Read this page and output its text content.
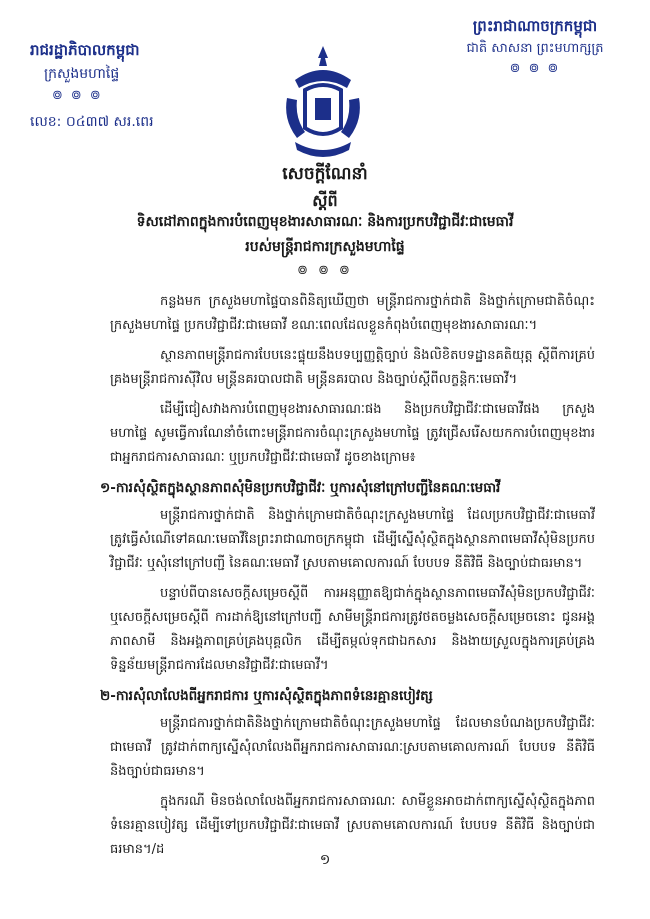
រាជរដ្ឋាភិបាលកម្ពុជា
ក្រសួងមហាផ្ទៃ
៙ ៙ ៙
លេខ: ០៤៣៧ សរ.ពេរ
ព្រះរាជាណាចក្រកម្ពុជា
ជាតិ សាសនា ព្រះមហាក្សត្រ
៙ ៙ ៙
សេចក្ដីណែនាំ
ស្ដីពី
ទិសដៅភាពក្នុងការបំពេញមុខងារសាធារណៈ និងការប្រកបវិជ្ជាជីវៈជាមេធាវី
របស់មន្ត្រីរាជការក្រសួងមហាផ្ទៃ
៙ ៙ ៙

កន្លងមក ក្រសួងមហាផ្ទៃបានពិនិត្យឃើញថា មន្ត្រីរាជការថ្នាក់ជាតិ និងថ្នាក់ក្រោមជាតិចំណុះក្រសួងមហាផ្ទៃ ប្រកបវិជ្ជាជីវៈជាមេធាវី ខណៈពេលដែលខ្លួនកំពុងបំពេញមុខងារសាធារណៈ។

ស្ថានភាពមន្ត្រីរាជការបែបនេះផ្ទុយនឹងបទប្បញ្ញត្តិច្បាប់ និងលិខិតបទដ្ឋានគតិយុត្ត ស្ដីពីការគ្រប់គ្រងមន្ត្រីរាជការស៊ីវិល មន្ត្រីនគរបាលជាតិ មន្ត្រីនគរបាល និងច្បាប់ស្ដីពីលក្ខន្តិកៈមេធាវី។

ដើម្បីជៀសវាងការបំពេញមុខងារសាធារណៈផង និងប្រកបវិជ្ជាជីវៈជាមេធាវីផង ក្រសួងមហាផ្ទៃ សូមធ្វើការណែនាំចំពោះមន្ត្រីរាជការចំណុះក្រសួងមហាផ្ទៃ ត្រូវជ្រើសរើសយកការបំពេញមុខងារជាអ្នករាជការសាធារណៈ ឬប្រកបវិជ្ជាជីវៈជាមេធាវី ដូចខាងក្រោម៖

១-ការសុំស្ថិតក្នុងស្ថានភាពសុំមិនប្រកបវិជ្ជាជីវៈ ឬការសុំនៅក្រៅបញ្ជីនៃគណៈមេធាវី

មន្ត្រីរាជការថ្នាក់ជាតិ និងថ្នាក់ក្រោមជាតិចំណុះក្រសួងមហាផ្ទៃ ដែលប្រកបវិជ្ជាជីវៈជាមេធាវី ត្រូវធ្វើសំណើទៅគណៈមេធាវីនៃព្រះរាជាណាចក្រកម្ពុជា ដើម្បីស្នើសុំស្ថិតក្នុងស្ថានភាពមេធាវីសុំមិនប្រកបវិជ្ជាជីវៈ ឬសុំនៅក្រៅបញ្ជី នៃគណៈមេធាវី ស្របតាមគោលការណ៍ បែបបទ នីតិវិធី និងច្បាប់ជាធរមាន។

បន្ទាប់ពីបានសេចក្ដីសម្រេចស្ដីពី ការអនុញ្ញាតឱ្យជាក់ក្នុងស្ថានភាពមេធាវីសុំមិនប្រកបវិជ្ជាជីវៈ ឬសេចក្ដីសម្រេចស្ដីពី ការដាក់ឱ្យនៅក្រៅបញ្ជី សាមីមន្ត្រីរាជការត្រូវថតចម្លងសេចក្ដីសម្រេចនោះ ជូនអង្គភាពសាមី និងអង្គភាពគ្រប់គ្រងបុគ្គលិក ដើម្បីតម្កល់ទុកជាឯកសារ និងងាយស្រួលក្នុងការគ្រប់គ្រងទិន្នន័យមន្ត្រីរាជការដែលមានវិជ្ជាជីវៈជាមេធាវី។

២-ការសុំលាលែងពីអ្នករាជការ ឬការសុំស្ថិតក្នុងភាពទំនេរគ្មានបៀវត្ស

មន្ត្រីរាជការថ្នាក់ជាតិនិងថ្នាក់ក្រោមជាតិចំណុះក្រសួងមហាផ្ទៃ ដែលមានបំណងប្រកបវិជ្ជាជីវៈជាមេធាវី ត្រូវដាក់ពាក្យស្នើសុំលាលែងពីអ្នករាជការសាធារណៈស្របតាមគោលការណ៍ បែបបទ នីតិវិធី និងច្បាប់ជាធរមាន។

ក្នុងករណី មិនចង់លាលែងពីអ្នករាជការសាធារណៈ សាមីខ្លួនអាចដាក់ពាក្យស្នើសុំស្ថិតក្នុងភាពទំនេរគ្មានបៀវត្ស ដើម្បីទៅប្រកបវិជ្ជាជីវៈជាមេធាវី ស្របតាមគោលការណ៍ បែបបទ នីតិវិធី និងច្បាប់ជាធរមាន។/ដ

១
